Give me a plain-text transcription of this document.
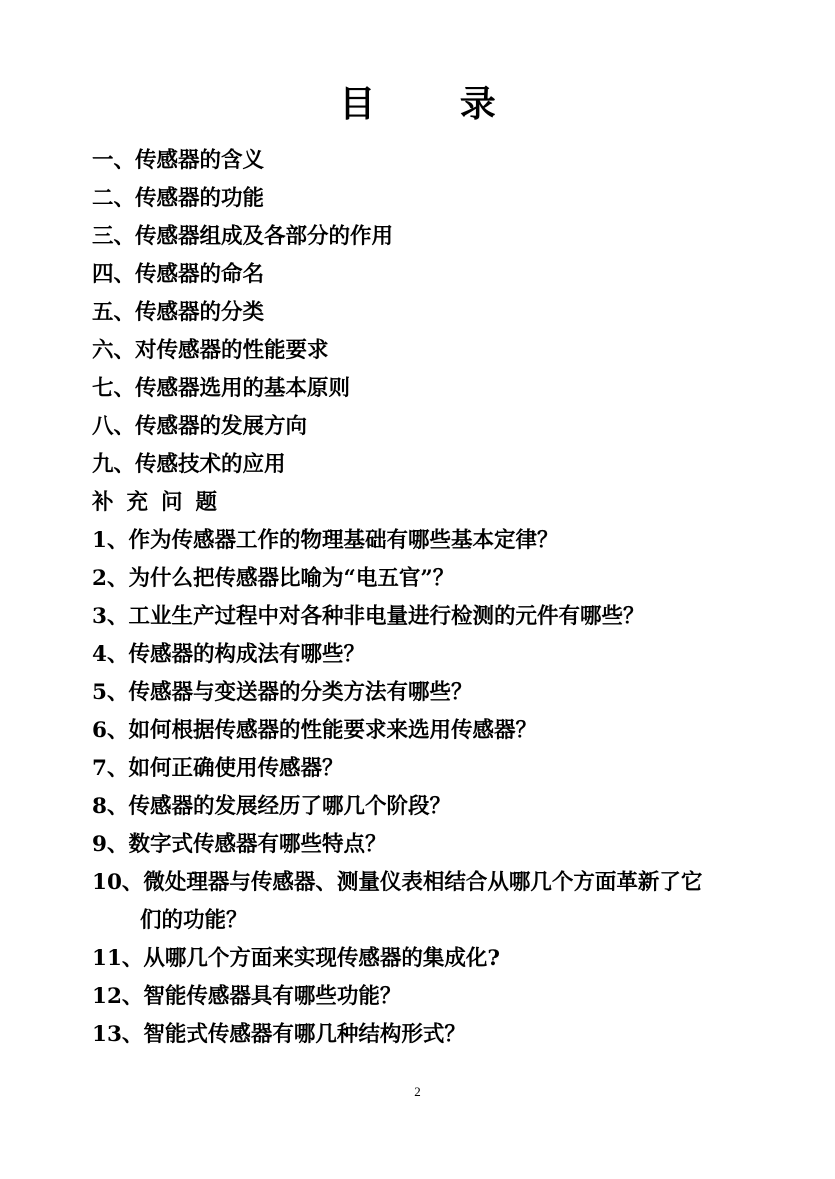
目 录
一、传感器的含义
二、传感器的功能
三、传感器组成及各部分的作用
四、传感器的命名
五、传感器的分类
六、对传感器的性能要求
七、传感器选用的基本原则
八、传感器的发展方向
九、传感技术的应用
补充问题
1、作为传感器工作的物理基础有哪些基本定律？
2、为什么把传感器比喻为“电五官”？
3、工业生产过程中对各种非电量进行检测的元件有哪些？
4、传感器的构成法有哪些？
5、传感器与变送器的分类方法有哪些？
6、如何根据传感器的性能要求来选用传感器？
7、如何正确使用传感器？
8、传感器的发展经历了哪几个阶段？
9、数字式传感器有哪些特点？
10、微处理器与传感器、测量仪表相结合从哪几个方面革新了它
们的功能？
11、从哪几个方面来实现传感器的集成化?
12、智能传感器具有哪些功能？
13、智能式传感器有哪几种结构形式？
2
